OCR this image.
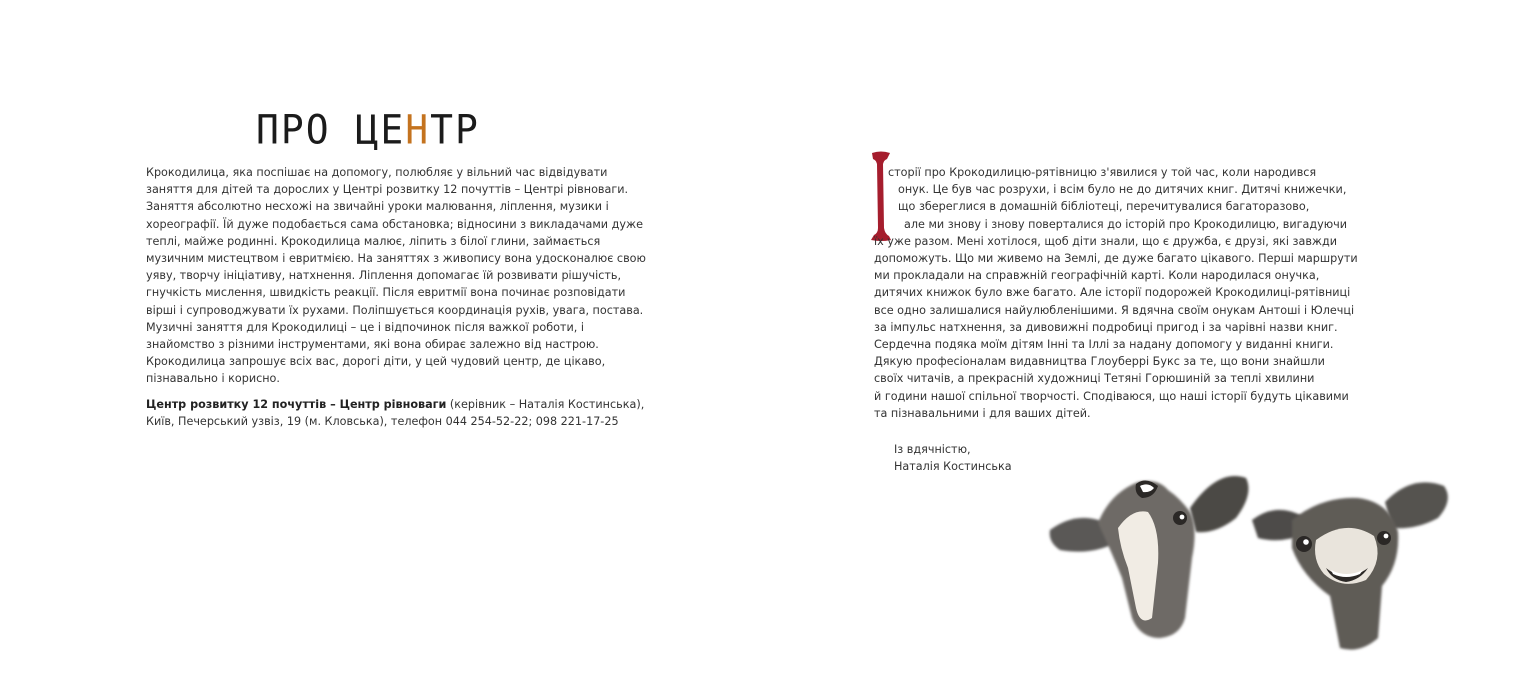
ПРО ЦЕНТР

Крокодилица, яка поспішає на допомогу, полюбляє у вільний час відвідувати заняття для дітей та дорослих у Центрі розвитку 12 почуттів – Центрі рівноваги. Заняття абсолютно несхожі на звичайні уроки малювання, ліплення, музики і хореографії. Їй дуже подобається сама обстановка; відносини з викладачами дуже теплі, майже родинні. Крокодилица малює, ліпить з білої глини, займається музичним мистецтвом і евритмією. На заняттях з живопису вона удосконалює свою уяву, творчу ініціативу, натхнення. Ліплення допомагає їй розвивати рішучість, гнучкість мислення, швидкість реакції. Після евритмії вона починає розповідати вірші і супроводжувати їх рухами. Поліпшується координація рухів, увага, постава. Музичні заняття для Крокодилиці – це і відпочинок після важкої роботи, і знайомство з різними інструментами, які вона обирає залежно від настрою. Крокодилица запрошує всіх вас, дорогі діти, у цей чудовий центр, де цікаво, пізнавально і корисно.

Центр розвитку 12 почуттів – Центр рівноваги (керівник – Наталія Костинська), Київ, Печерський узвіз, 19 (м. Кловська), телефон 044 254-52-22; 098 221-17-25

І
сторії про Крокодилицю-рятівницю з'явилися у той час, коли народився
онук. Це був час розрухи, і всім було не до дитячих книг. Дитячі книжечки,
що збереглися в домашній бібліотеці, перечитувалися багаторазово,
але ми знову і знову поверталися до історій про Крокодилицю, вигадуючи
їх уже разом. Мені хотілося, щоб діти знали, що є дружба, є друзі, які завжди
допоможуть. Що ми живемо на Землі, де дуже багато цікавого. Перші маршрути
ми прокладали на справжній географічній карті. Коли народилася онучка,
дитячих книжок було вже багато. Але історії подорожей Крокодилиці-рятівниці
все одно залишалися найулюбленішими. Я вдячна своїм онукам Антоші і Юлечці
за імпульс натхнення, за дивовижні подробиці пригод і за чарівні назви книг.
Сердечна подяка моїм дітям Інні та Іллі за надану допомогу у виданні книги.
Дякую професіоналам видавництва Глоуберрі Букс за те, що вони знайшли
своїх читачів, а прекрасній художниці Тетяні Горюшиній за теплі хвилини
й години нашої спільної творчості. Сподіваюся, що наші історії будуть цікавими
та пізнавальними і для ваших дітей.
Із вдячністю,
Наталія Костинська
